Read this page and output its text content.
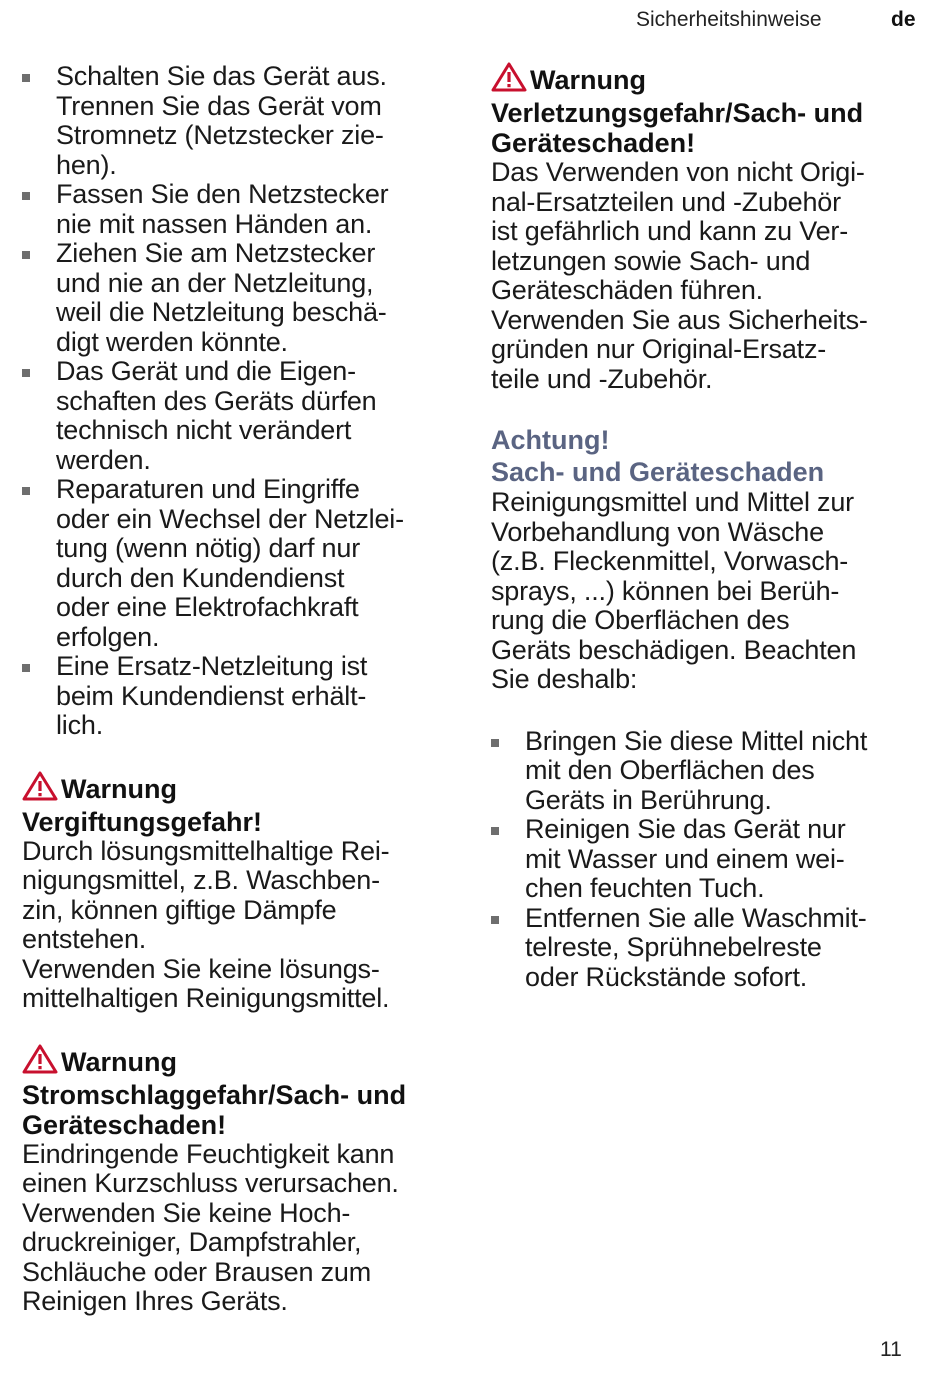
Sicherheitshinweise	de
Schalten Sie das Gerät aus.
Trennen Sie das Gerät vom
Stromnetz (Netzstecker zie-
hen).
Fassen Sie den Netzstecker
nie mit nassen Händen an.
Ziehen Sie am Netzstecker
und nie an der Netzleitung,
weil die Netzleitung beschä-
digt werden könnte.
Das Gerät und die Eigen-
schaften des Geräts dürfen
technisch nicht verändert
werden.
Reparaturen und Eingriffe
oder ein Wechsel der Netzlei-
tung (wenn nötig) darf nur
durch den Kundendienst
oder eine Elektrofachkraft
erfolgen.
Eine Ersatz-Netzleitung ist
beim Kundendienst erhält-
lich.
Warnung
Vergiftungsgefahr!
Durch lösungsmittelhaltige Rei-
nigungsmittel, z.B. Waschben-
zin, können giftige Dämpfe
entstehen.
Verwenden Sie keine lösungs-
mittelhaltigen Reinigungsmittel.
Warnung
Stromschlaggefahr/Sach- und
Geräteschaden!
Eindringende Feuchtigkeit kann
einen Kurzschluss verursachen.
Verwenden Sie keine Hoch-
druckreiniger, Dampfstrahler,
Schläuche oder Brausen zum
Reinigen Ihres Geräts.
Warnung
Verletzungsgefahr/Sach- und
Geräteschaden!
Das Verwenden von nicht Origi-
nal-Ersatzteilen und -Zubehör
ist gefährlich und kann zu Ver-
letzungen sowie Sach- und
Geräteschäden führen.
Verwenden Sie aus Sicherheits-
gründen nur Original-Ersatz-
teile und -Zubehör.
Achtung!
Sach- und Geräteschaden
Reinigungsmittel und Mittel zur
Vorbehandlung von Wäsche
(z.B. Fleckenmittel, Vorwasch-
sprays, ...) können bei Berüh-
rung die Oberflächen des
Geräts beschädigen. Beachten
Sie deshalb:
Bringen Sie diese Mittel nicht
mit den Oberflächen des
Geräts in Berührung.
Reinigen Sie das Gerät nur
mit Wasser und einem wei-
chen feuchten Tuch.
Entfernen Sie alle Waschmit-
telreste, Sprühnebelreste
oder Rückstände sofort.
11
